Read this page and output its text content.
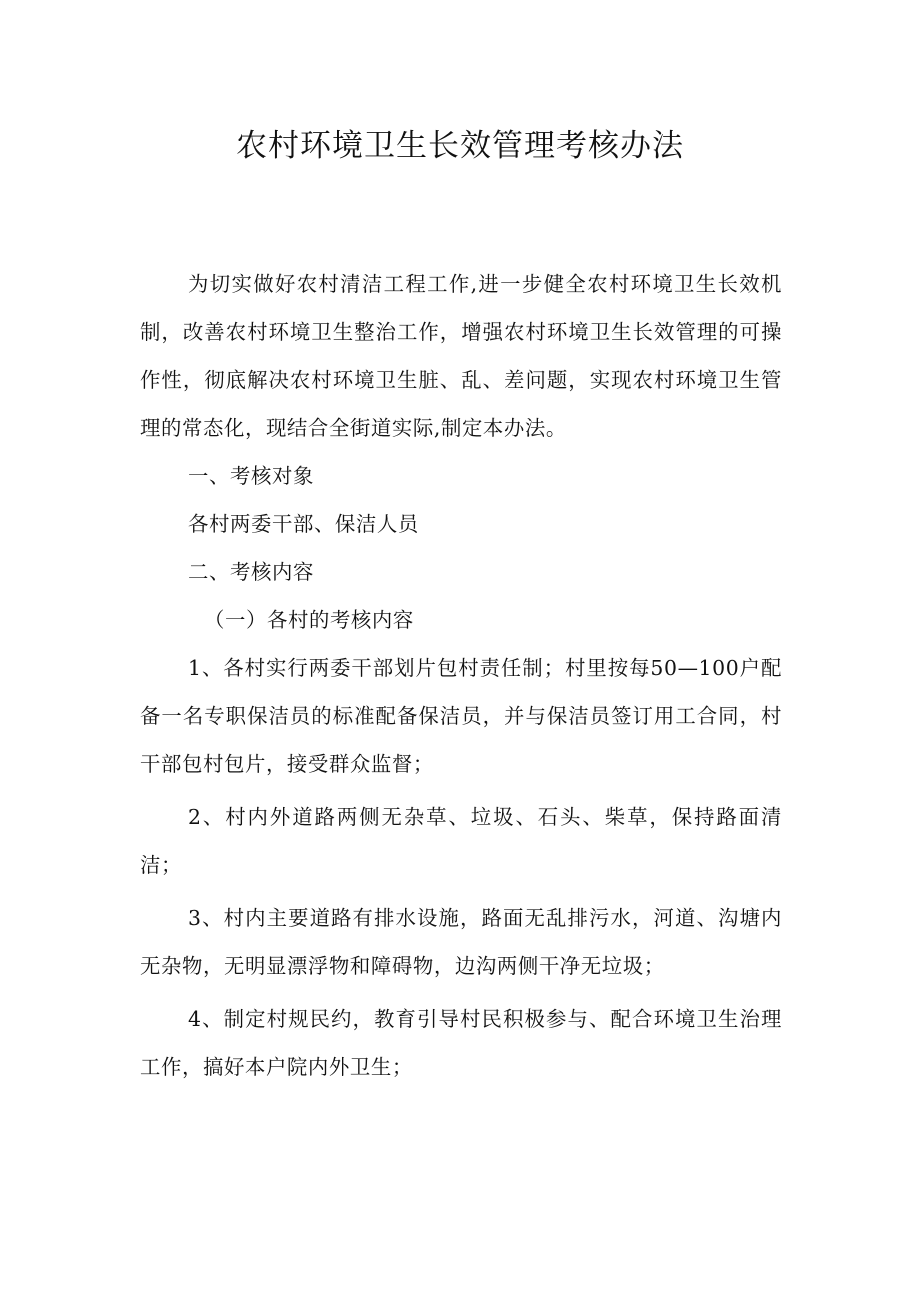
农村环境卫生长效管理考核办法

为切实做好农村清洁工程工作,进一步健全农村环境卫生长效机制，改善农村环境卫生整治工作，增强农村环境卫生长效管理的可操作性，彻底解决农村环境卫生脏、乱、差问题，实现农村环境卫生管理的常态化，现结合全街道实际,制定本办法。

一、考核对象

各村两委干部、保洁人员

二、考核内容

（一）各村的考核内容

1、各村实行两委干部划片包村责任制；村里按每50—100户配备一名专职保洁员的标准配备保洁员，并与保洁员签订用工合同，村干部包村包片，接受群众监督；

2、村内外道路两侧无杂草、垃圾、石头、柴草，保持路面清洁；

3、村内主要道路有排水设施，路面无乱排污水，河道、沟塘内无杂物，无明显漂浮物和障碍物，边沟两侧干净无垃圾；

4、制定村规民约，教育引导村民积极参与、配合环境卫生治理工作，搞好本户院内外卫生；
